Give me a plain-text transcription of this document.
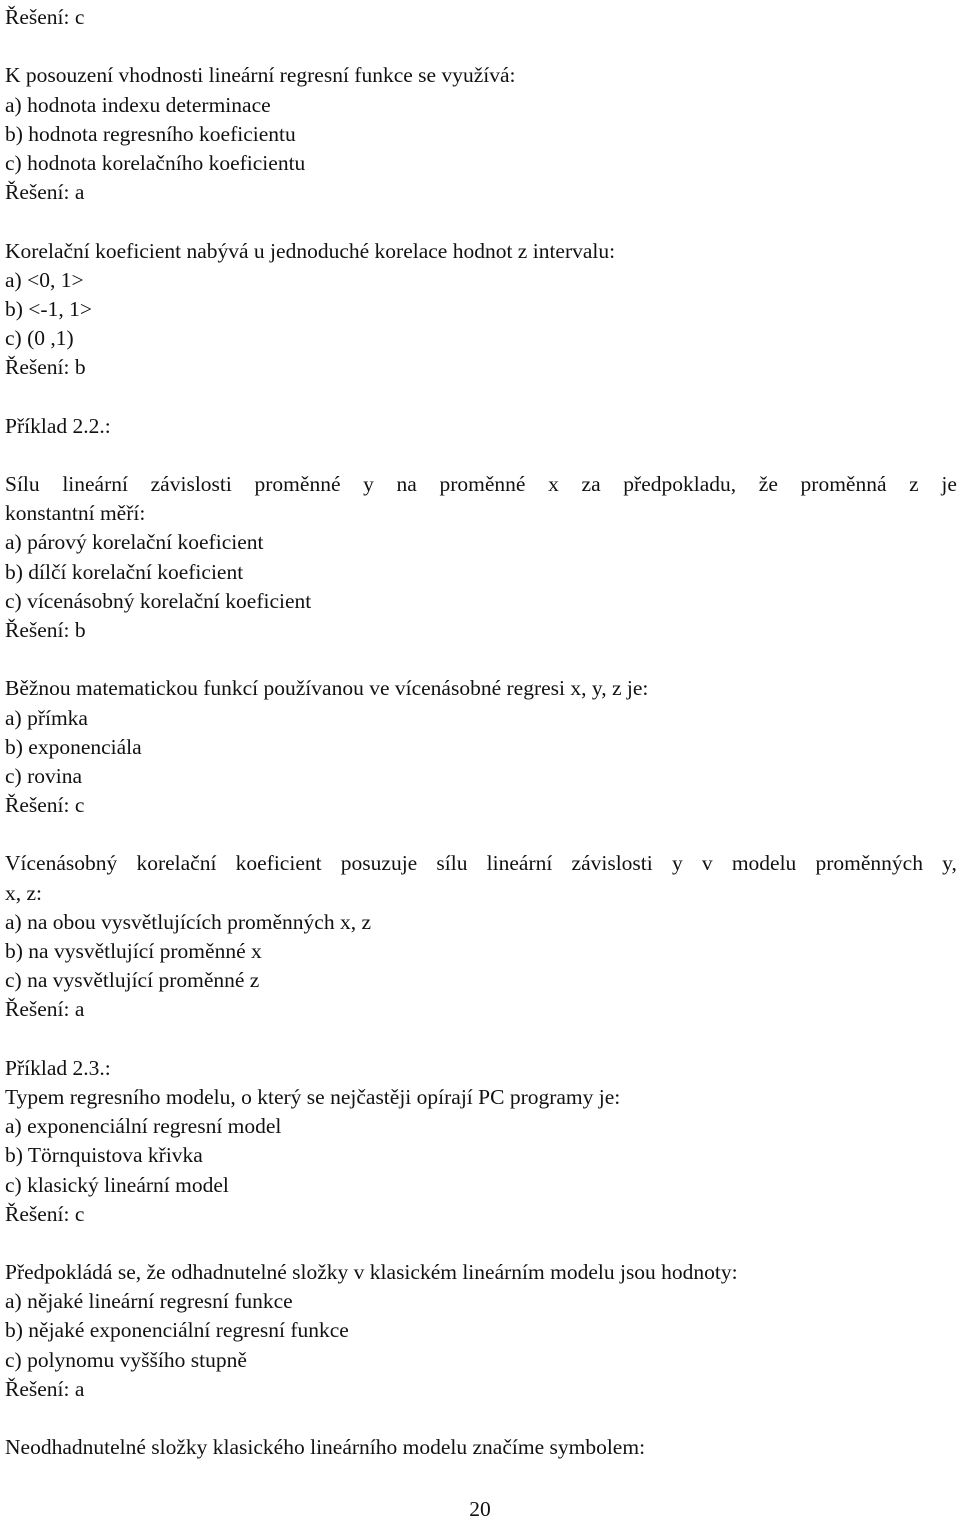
Řešení: c
K posouzení vhodnosti lineární regresní funkce se využívá:
a) hodnota indexu determinace
b) hodnota regresního koeficientu
c) hodnota korelačního koeficientu
Řešení: a
Korelační koeficient nabývá u jednoduché korelace hodnot z intervalu:
a) <0, 1>
b) <-1, 1>
c) (0 ,1)
Řešení: b
Příklad 2.2.:
Sílu lineární závislosti proměnné y na proměnné x za předpokladu, že proměnná z je
konstantní měří:
a) párový korelační koeficient
b) dílčí korelační koeficient
c) vícenásobný korelační koeficient
Řešení: b
Běžnou matematickou funkcí používanou ve vícenásobné regresi x, y, z je:
a) přímka
b) exponenciála
c) rovina
Řešení: c
Vícenásobný korelační koeficient posuzuje sílu lineární závislosti y v modelu proměnných y,
x, z:
a) na obou vysvětlujících proměnných x, z
b) na vysvětlující proměnné x
c) na vysvětlující proměnné z
Řešení: a
Příklad 2.3.:
Typem regresního modelu, o který se nejčastěji opírají PC programy je:
a) exponenciální regresní model
b) Törnquistova křivka
c) klasický lineární model
Řešení: c
Předpokládá se, že odhadnutelné složky v klasickém lineárním modelu jsou hodnoty:
a) nějaké lineární regresní funkce
b) nějaké exponenciální regresní funkce
c) polynomu vyššího stupně
Řešení: a
Neodhadnutelné složky klasického lineárního modelu značíme symbolem:
20
